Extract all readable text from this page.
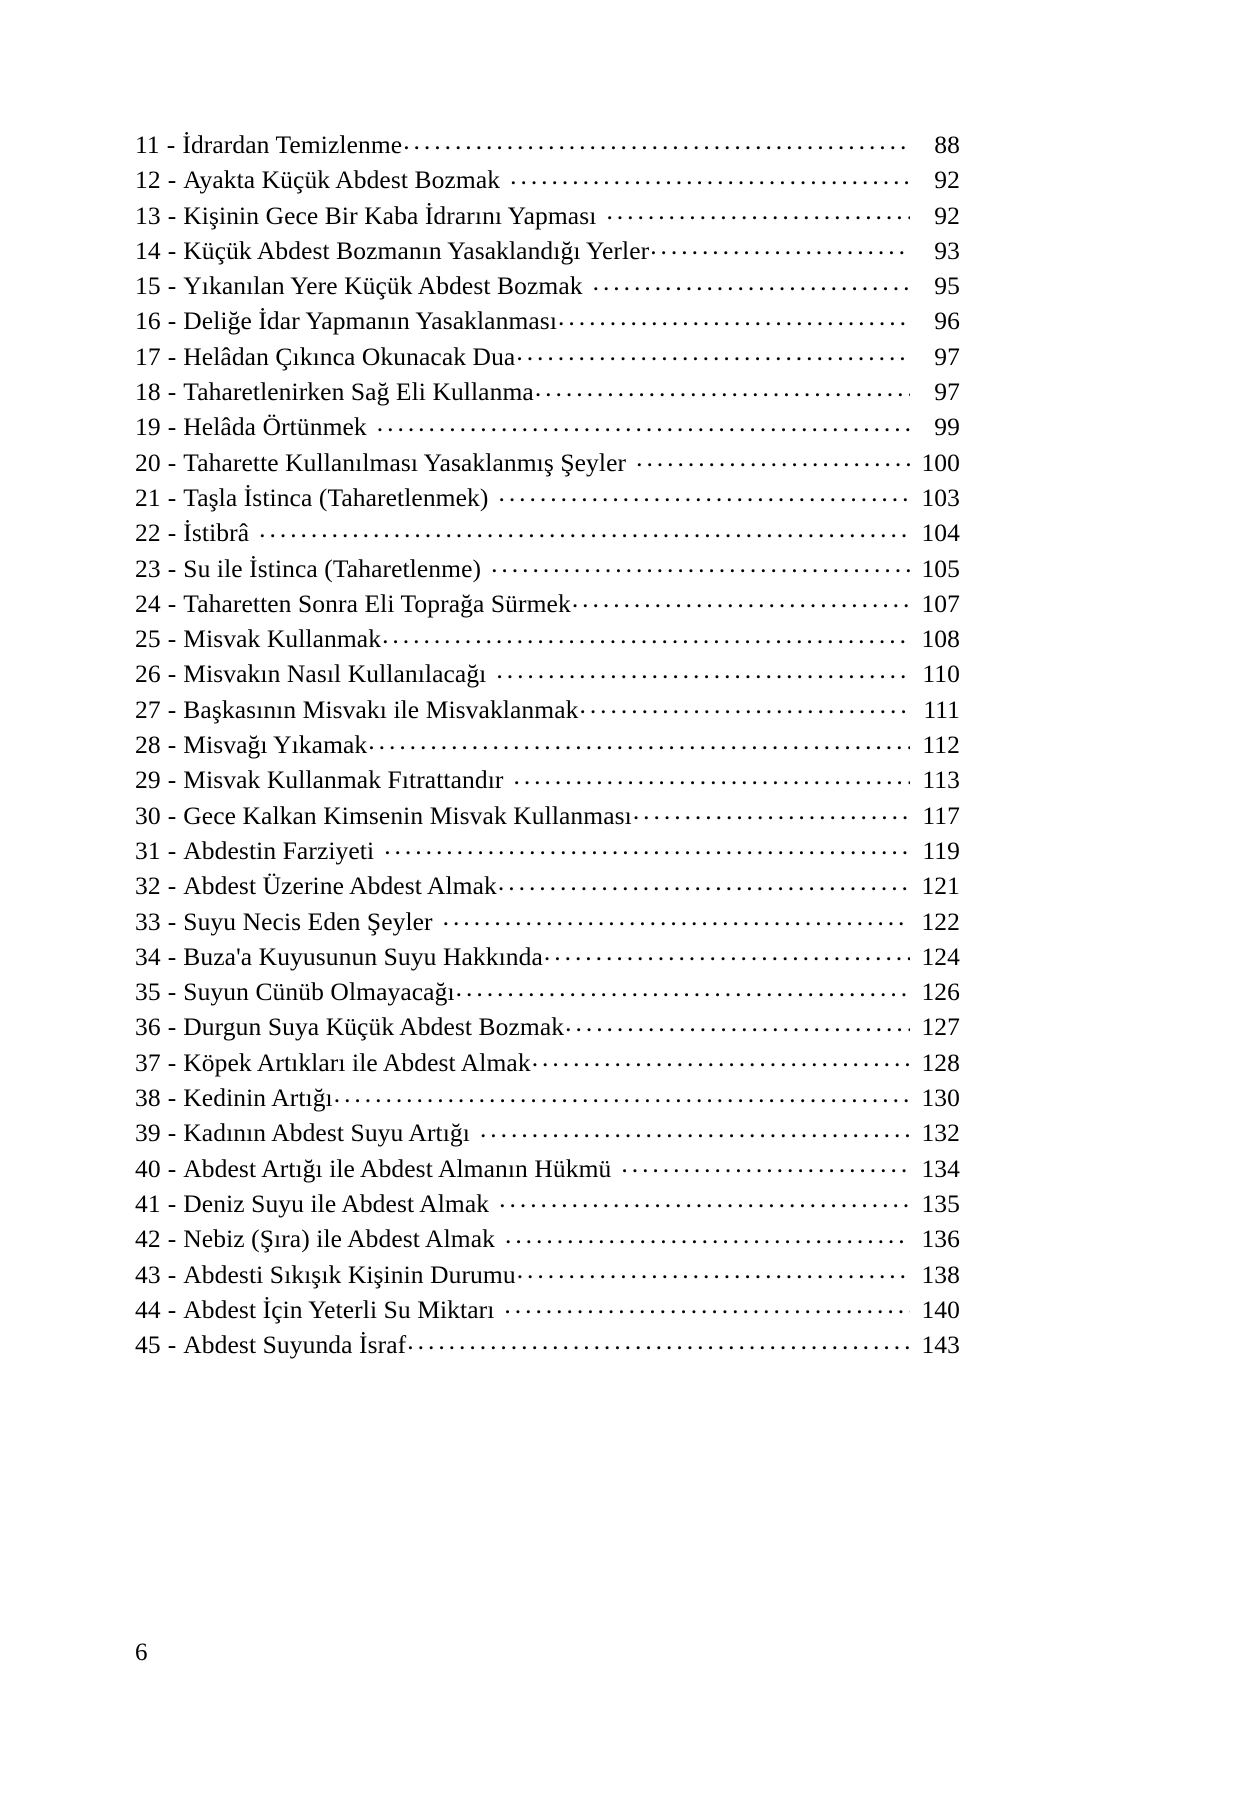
11 - İdrardan Temizlenme . . .	88
12 - Ayakta Küçük Abdest Bozmak . . .	92
13 - Kişinin Gece Bir Kaba İdrarını Yapması . . .	92
14 - Küçük Abdest Bozmanın Yasaklandığı Yerler . . .	93
15 - Yıkanılan Yere Küçük Abdest Bozmak . . .	95
16 - Deliğe İdar Yapmanın Yasaklanması . . .	96
17 - Helâdan Çıkınca Okunacak Dua . . .	97
18 - Taharetlenirken Sağ Eli Kullanma . . .	97
19 - Helâda Örtünmek . . .	99
20 - Taharette Kullanılması Yasaklanmış Şeyler . . .	100
21 - Taşla İstinca (Taharetlenmek) . . .	103
22 - İstibrâ . . .	104
23 - Su ile İstinca (Taharetlenme) . . .	105
24 - Taharetten Sonra Eli Toprağa Sürmek . . .	107
25 - Misvak Kullanmak . . .	108
26 - Misvakın Nasıl Kullanılacağı . . .	110
27 - Başkasının Misvakı ile Misvaklanmak . . .	111
28 - Misvağı Yıkamak . . .	112
29 - Misvak Kullanmak Fıtrattandır . . .	113
30 - Gece Kalkan Kimsenin Misvak Kullanması . . .	117
31 - Abdestin Farziyeti . . .	119
32 - Abdest Üzerine Abdest Almak . . .	121
33 - Suyu Necis Eden Şeyler . . .	122
34 - Buza'a Kuyusunun Suyu Hakkında . . .	124
35 - Suyun Cünüb Olmayacağı . . .	126
36 - Durgun Suya Küçük Abdest Bozmak . . .	127
37 - Köpek Artıkları ile Abdest Almak . . .	128
38 - Kedinin Artığı . . .	130
39 - Kadının Abdest Suyu Artığı . . .	132
40 - Abdest Artığı ile Abdest Almanın Hükmü . . .	134
41 - Deniz Suyu ile Abdest Almak . . .	135
42 - Nebiz (Şıra) ile Abdest Almak . . .	136
43 - Abdesti Sıkışık Kişinin Durumu . . .	138
44 - Abdest İçin Yeterli Su Miktarı . . .	140
45 - Abdest Suyunda İsraf . . .	143
6
